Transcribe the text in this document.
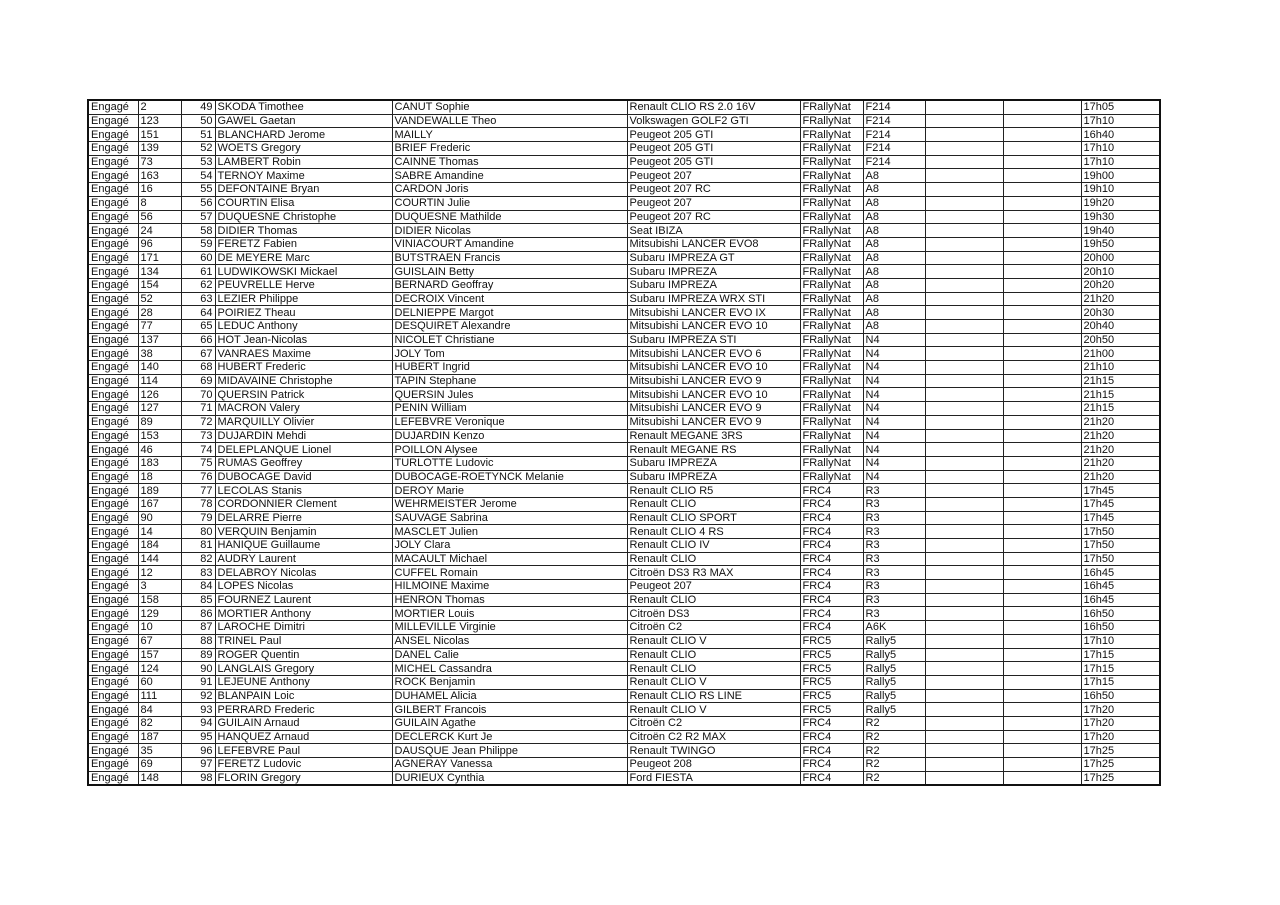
Engagé	2	49	SKODA Timothee	CANUT Sophie	Renault CLIO RS 2.0 16V	FRallyNat	F214			17h05
Engagé	123	50	GAWEL Gaetan	VANDEWALLE Theo	Volkswagen GOLF2 GTI	FRallyNat	F214			17h10
Engagé	151	51	BLANCHARD Jerome	MAILLY	Peugeot 205 GTI	FRallyNat	F214			16h40
Engagé	139	52	WOETS Gregory	BRIEF Frederic	Peugeot 205 GTI	FRallyNat	F214			17h10
Engagé	73	53	LAMBERT Robin	CAINNE Thomas	Peugeot 205 GTI	FRallyNat	F214			17h10
Engagé	163	54	TERNOY Maxime	SABRE Amandine	Peugeot 207	FRallyNat	A8			19h00
Engagé	16	55	DEFONTAINE Bryan	CARDON Joris	Peugeot 207 RC	FRallyNat	A8			19h10
Engagé	8	56	COURTIN Elisa	COURTIN Julie	Peugeot 207	FRallyNat	A8			19h20
Engagé	56	57	DUQUESNE Christophe	DUQUESNE Mathilde	Peugeot 207 RC	FRallyNat	A8			19h30
Engagé	24	58	DIDIER Thomas	DIDIER Nicolas	Seat IBIZA	FRallyNat	A8			19h40
Engagé	96	59	FERETZ Fabien	VINIACOURT Amandine	Mitsubishi LANCER EVO8	FRallyNat	A8			19h50
Engagé	171	60	DE MEYERE Marc	BUTSTRAEN Francis	Subaru IMPREZA GT	FRallyNat	A8			20h00
Engagé	134	61	LUDWIKOWSKI Mickael	GUISLAIN Betty	Subaru IMPREZA	FRallyNat	A8			20h10
Engagé	154	62	PEUVRELLE Herve	BERNARD Geoffray	Subaru IMPREZA	FRallyNat	A8			20h20
Engagé	52	63	LEZIER Philippe	DECROIX Vincent	Subaru IMPREZA WRX STI	FRallyNat	A8			21h20
Engagé	28	64	POIRIEZ Theau	DELNIEPPE Margot	Mitsubishi LANCER EVO IX	FRallyNat	A8			20h30
Engagé	77	65	LEDUC Anthony	DESQUIRET Alexandre	Mitsubishi LANCER EVO 10	FRallyNat	A8			20h40
Engagé	137	66	HOT Jean-Nicolas	NICOLET Christiane	Subaru IMPREZA STI	FRallyNat	N4			20h50
Engagé	38	67	VANRAES Maxime	JOLY Tom	Mitsubishi LANCER EVO 6	FRallyNat	N4			21h00
Engagé	140	68	HUBERT Frederic	HUBERT Ingrid	Mitsubishi LANCER EVO 10	FRallyNat	N4			21h10
Engagé	114	69	MIDAVAINE Christophe	TAPIN Stephane	Mitsubishi LANCER EVO 9	FRallyNat	N4			21h15
Engagé	126	70	QUERSIN Patrick	QUERSIN Jules	Mitsubishi LANCER EVO 10	FRallyNat	N4			21h15
Engagé	127	71	MACRON Valery	PENIN William	Mitsubishi LANCER EVO 9	FRallyNat	N4			21h15
Engagé	89	72	MARQUILLY Olivier	LEFEBVRE Veronique	Mitsubishi LANCER EVO 9	FRallyNat	N4			21h20
Engagé	153	73	DUJARDIN Mehdi	DUJARDIN Kenzo	Renault MEGANE 3RS	FRallyNat	N4			21h20
Engagé	46	74	DELEPLANQUE Lionel	POILLON Alysee	Renault MEGANE RS	FRallyNat	N4			21h20
Engagé	183	75	RUMAS Geoffrey	TURLOTTE Ludovic	Subaru IMPREZA	FRallyNat	N4			21h20
Engagé	18	76	DUBOCAGE David	DUBOCAGE-ROETYNCK Melanie	Subaru IMPREZA	FRallyNat	N4			21h20
Engagé	189	77	LECOLAS Stanis	DEROY Marie	Renault CLIO R5	FRC4	R3			17h45
Engagé	167	78	CORDONNIER Clement	WEHRMEISTER Jerome	Renault CLIO	FRC4	R3			17h45
Engagé	90	79	DELARRE Pierre	SAUVAGE Sabrina	Renault CLIO SPORT	FRC4	R3			17h45
Engagé	14	80	VERQUIN Benjamin	MASCLET Julien	Renault CLIO 4 RS	FRC4	R3			17h50
Engagé	184	81	HANIQUE Guillaume	JOLY Clara	Renault CLIO IV	FRC4	R3			17h50
Engagé	144	82	AUDRY Laurent	MACAULT Michael	Renault CLIO	FRC4	R3			17h50
Engagé	12	83	DELABROY Nicolas	CUFFEL Romain	Citroën DS3 R3 MAX	FRC4	R3			16h45
Engagé	3	84	LOPES Nicolas	HILMOINE Maxime	Peugeot 207	FRC4	R3			16h45
Engagé	158	85	FOURNEZ Laurent	HENRON Thomas	Renault CLIO	FRC4	R3			16h45
Engagé	129	86	MORTIER Anthony	MORTIER Louis	Citroën DS3	FRC4	R3			16h50
Engagé	10	87	LAROCHE Dimitri	MILLEVILLE Virginie	Citroën C2	FRC4	A6K			16h50
Engagé	67	88	TRINEL Paul	ANSEL Nicolas	Renault CLIO V	FRC5	Rally5			17h10
Engagé	157	89	ROGER Quentin	DANEL Calie	Renault CLIO	FRC5	Rally5			17h15
Engagé	124	90	LANGLAIS Gregory	MICHEL Cassandra	Renault CLIO	FRC5	Rally5			17h15
Engagé	60	91	LEJEUNE Anthony	ROCK Benjamin	Renault CLIO V	FRC5	Rally5			17h15
Engagé	111	92	BLANPAIN Loic	DUHAMEL Alicia	Renault CLIO RS LINE	FRC5	Rally5			16h50
Engagé	84	93	PERRARD Frederic	GILBERT Francois	Renault CLIO V	FRC5	Rally5			17h20
Engagé	82	94	GUILAIN Arnaud	GUILAIN Agathe	Citroën C2	FRC4	R2			17h20
Engagé	187	95	HANQUEZ Arnaud	DECLERCK Kurt Je	Citroën C2 R2 MAX	FRC4	R2			17h20
Engagé	35	96	LEFEBVRE Paul	DAUSQUE Jean Philippe	Renault TWINGO	FRC4	R2			17h25
Engagé	69	97	FERETZ Ludovic	AGNERAY Vanessa	Peugeot 208	FRC4	R2			17h25
Engagé	148	98	FLORIN Gregory	DURIEUX Cynthia	Ford FIESTA	FRC4	R2			17h25
